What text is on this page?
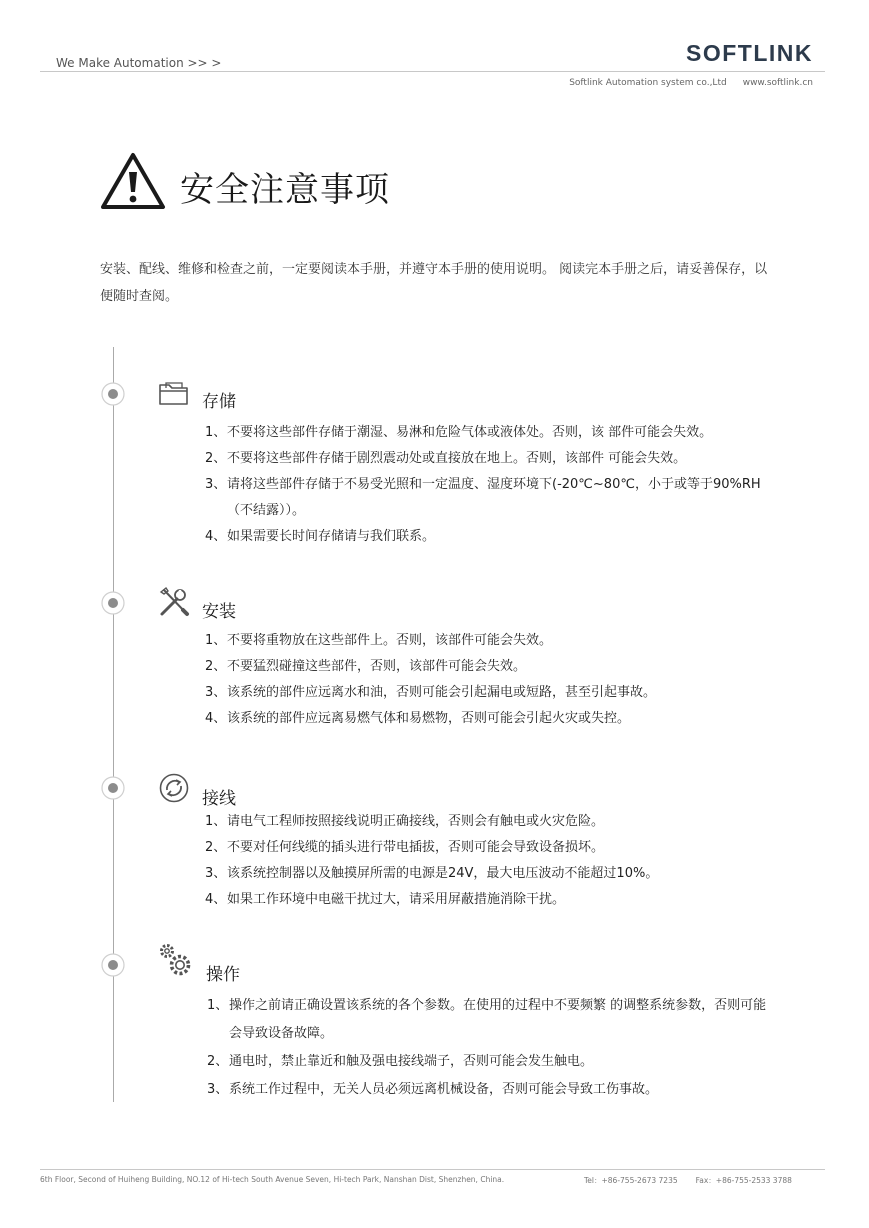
We Make Automation >> >	SOFTLINK
Softlink Automation system co.,Ltd www.softlink.cn
安全注意事项
安装、配线、维修和检查之前，一定要阅读本手册，并遵守本手册的使用说明。 阅读完本手册之后，请妥善保存，以便随时查阅。
存储
1、 不要将这些部件存储于潮湿、易淋和危险气体或液体处。否则，该 部件可能会失效。
2、 不要将这些部件存储于剧烈震动处或直接放在地上。否则，该部件 可能会失效。
3、 请将这些部件存储于不易受光照和一定温度、湿度环境下(-20℃~80℃，小于或等于90%RH（不结露））。
4、 如果需要长时间存储请与我们联系。
安装
1、 不要将重物放在这些部件上。否则，该部件可能会失效。
2、 不要猛烈碰撞这些部件，否则，该部件可能会失效。
3、 该系统的部件应远离水和油，否则可能会引起漏电或短路，甚至引起事故。
4、 该系统的部件应远离易燃气体和易燃物，否则可能会引起火灾或失控。
接线
1、 请电气工程师按照接线说明正确接线，否则会有触电或火灾危险。
2、 不要对任何线缆的插头进行带电插拔，否则可能会导致设备损坏。
3、 该系统控制器以及触摸屏所需的电源是24V，最大电压波动不能超过10%。
4、 如果工作环境中电磁干扰过大，请采用屏蔽措施消除干扰。
操作
1、 操作之前请正确设置该系统的各个参数。在使用的过程中不要频繁 的调整系统参数，否则可能会导致设备故障。
2、 通电时，禁止靠近和触及强电接线端子，否则可能会发生触电。
3、 系统工作过程中，无关人员必须远离机械设备，否则可能会导致工伤事故。
6th Floor, Second of Huiheng Building, NO.12 of Hi-tech South Avenue Seven, Hi-tech Park, Nanshan Dist, Shenzhen, China.	Tel：+86-755-2673 7235 Fax：+86-755-2533 3788
